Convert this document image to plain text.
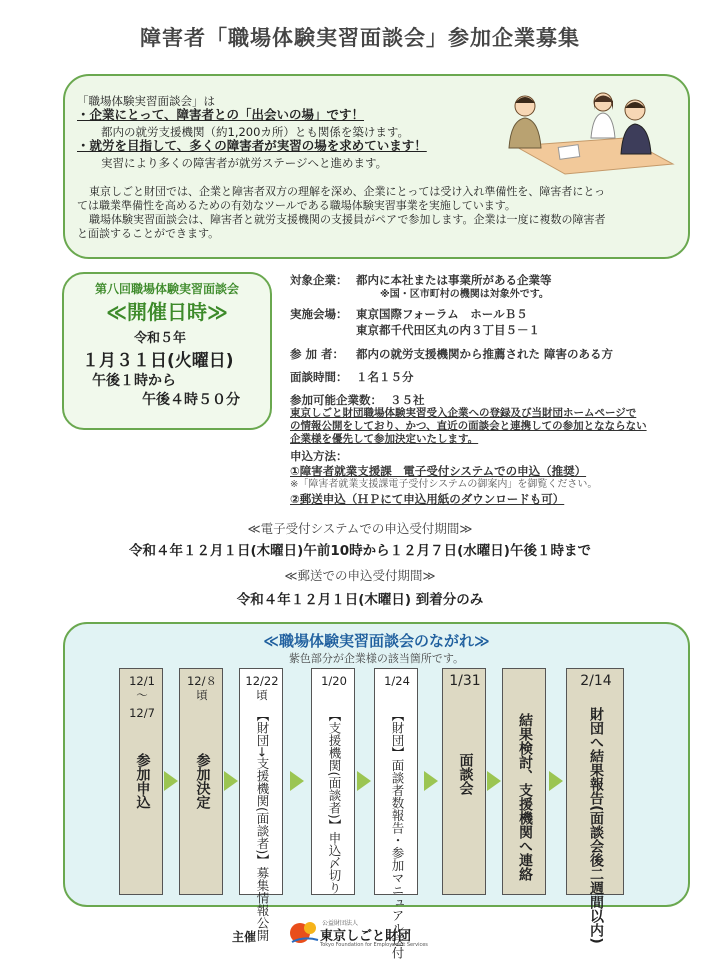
障害者「職場体験実習面談会」参加企業募集
「職場体験実習面談会」は
・企業にとって、障害者との「出会いの場」です！
都内の就労支援機関（約1,200カ所）とも関係を築けます。
・就労を目指して、多くの障害者が実習の場を求めています！
実習により多くの障害者が就労ステージへと進めます。
東京しごと財団では、企業と障害者双方の理解を深め、企業にとっては受け入れ準備性を、障害者にとっ
ては職業準備性を高めるための有効なツールである職場体験実習事業を実施しています。
職場体験実習面談会は、障害者と就労支援機関の支援員がペアで参加します。企業は一度に複数の障害者
と面談することができます。
第八回職場体験実習面談会
≪開催日時≫
令和５年
１月３１日(火曜日)
午後１時から
午後４時５０分
対象企業： 都内に本社または事業所がある企業等
※国・区市町村の機関は対象外です。
実施会場： 東京国際フォーラム　ホールＢ５
東京都千代田区丸の内３丁目５－１
参 加 者： 都内の就労支援機関から推薦された 障害のある方
面談時間： １名１５分
参加可能企業数： ３５社
東京しごと財団職場体験実習受入企業への登録及び当財団ホームページで
の情報公開をしており、かつ、直近の面談会と連携しての参加となならない
企業様を優先して参加決定いたします。
申込方法：
①障害者就業支援課　電子受付システムでの申込（推奨）
※「障害者就業支援課電子受付システムの御案内」を御覧ください。
②郵送申込（ＨＰにて申込用紙のダウンロードも可）
≪電子受付システムでの申込受付期間≫
令和４年１２月１日(木曜日)午前10時から１２月７日(水曜日)午後１時まで
≪郵送での申込受付期間≫
令和４年１２月１日(木曜日) 到着分のみ
≪職場体験実習面談会のながれ≫
紫色部分が企業様の該当箇所です。
12/1
～
12/7
参加申込
12/８
頃
参加決定
12/22
頃
【財団→支援機関(面談者)】募集情報公開
1/20
【支援機関(面談者)】申込〆切り
1/24
【財団】面談者数報告・参加マニュアル送付
1/31
面談会	結果検討、支援機関へ連絡
2/14
財団へ結果報告(面談会後二週間以内)
主催
公益財団法人
東京しごと財団
Tokyo Foundation for Employment Services
